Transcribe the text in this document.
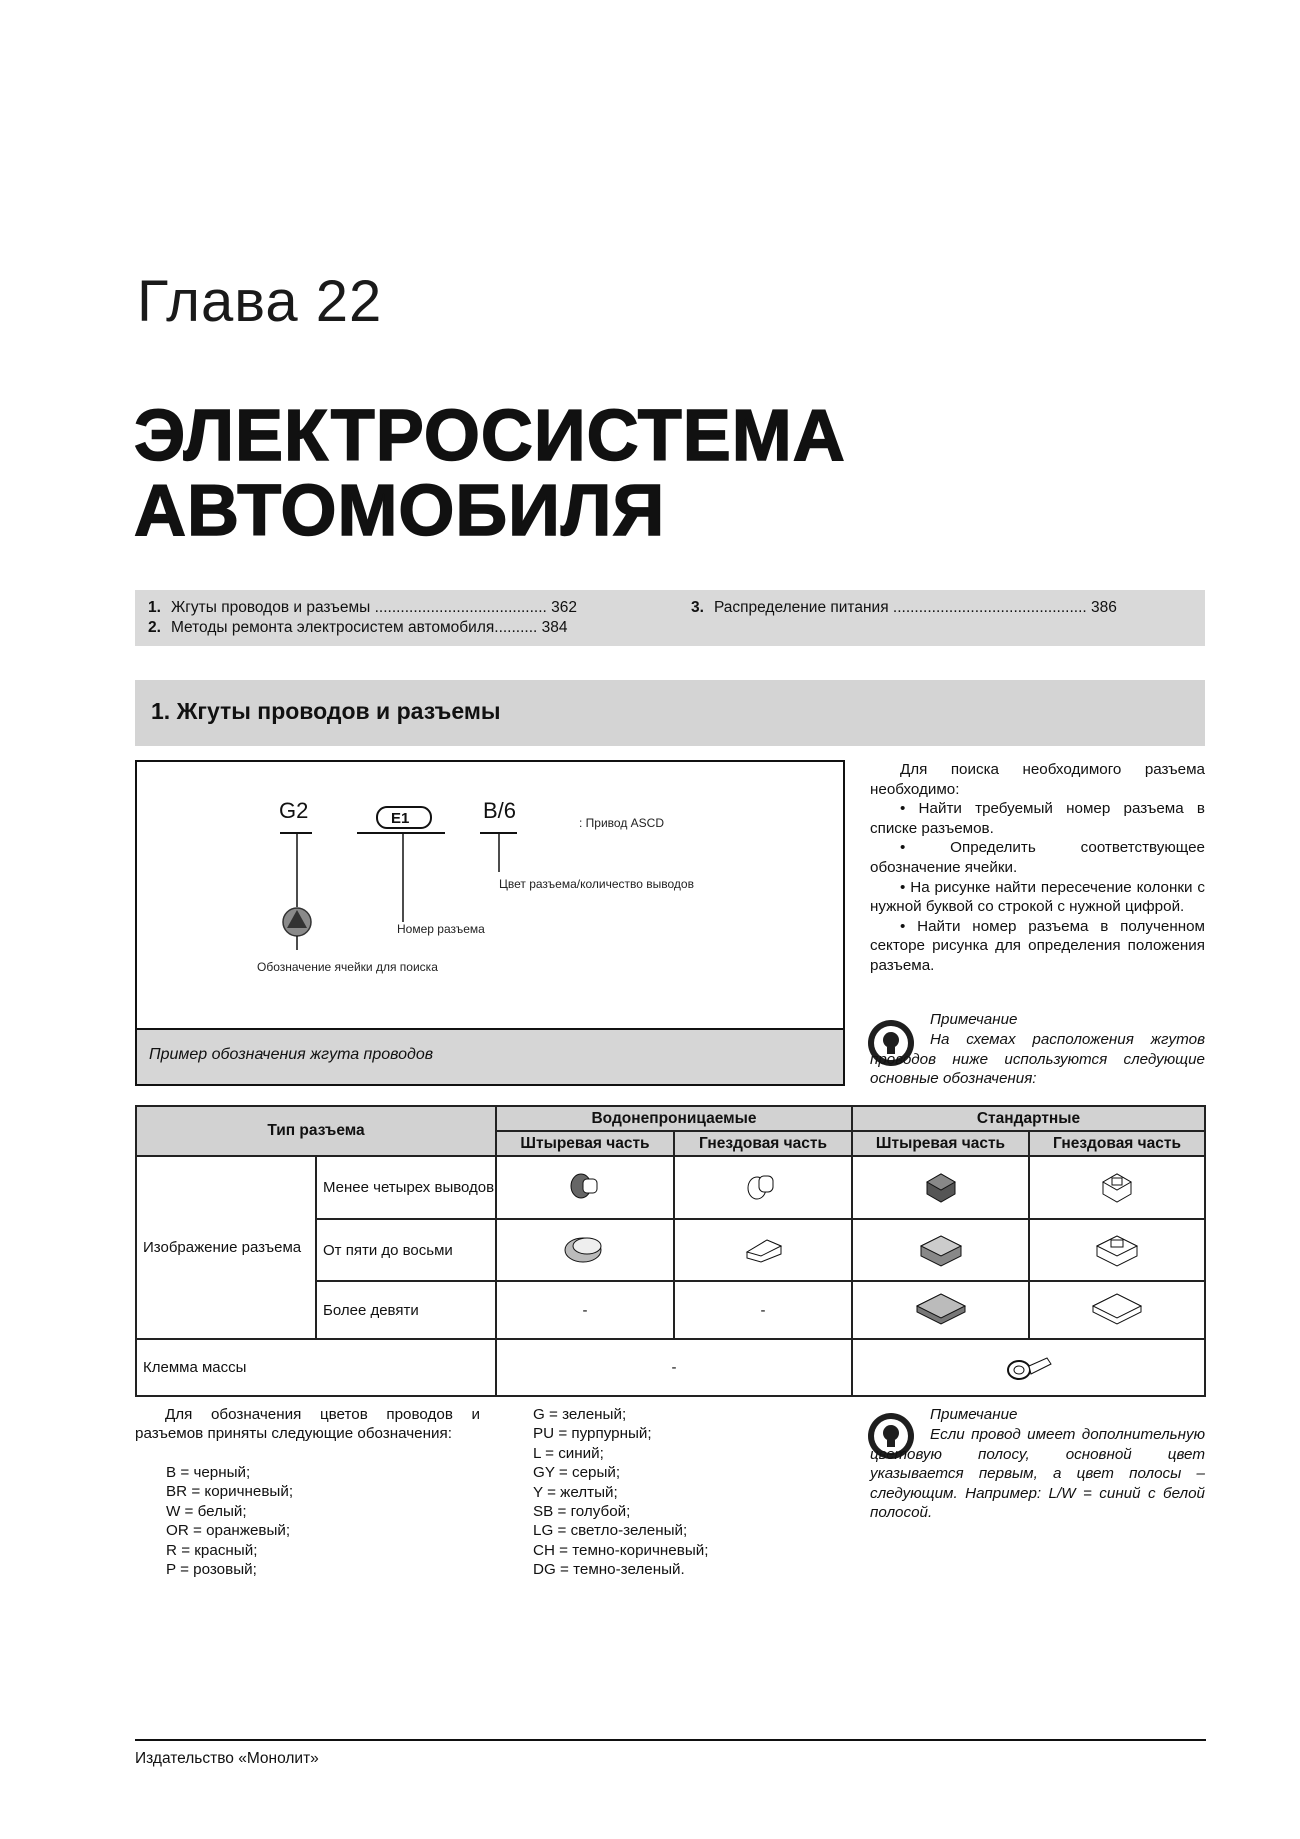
Глава 22
ЭЛЕКТРОСИСТЕМА
АВТОМОБИЛЯ
1. Жгуты проводов и разъемы ........................................ 362
2. Методы ремонта электросистем автомобиля.......... 384
3. Распределение питания ............................................. 386
1. Жгуты проводов и разъемы
G2	E1	B/6	: Привод ASCD
Цвет разъема/количество выводов
Номер разъема
Обозначение ячейки для поиска
Пример обозначения жгута проводов

Для поиска необходимого разъема необходимо:

• Найти требуемый номер разъема в списке разъемов.

• Определить соответствующее обозначение ячейки.

• На рисунке найти пересечение колонки с нужной буквой со строкой с нужной цифрой.

• Найти номер разъема в полученном секторе рисунка для определения положения разъема.

Примечание
На схемах расположения жгутов проводов ниже используются следующие основные обозначения:
Тип разъема		Водонепроницаемые		Стандартные	
		Штыревая часть	Гнездовая часть	Штыревая часть	Гнездовая часть
Изображение разъема	Менее четырех выводов				
	От пяти до восьми				
	Более девяти	-	-		
Клемма массы		-	
Для обозначения цветов проводов и разъемов приняты следующие обозначения:
B = черный;
BR = коричневый;
W = белый;
OR = оранжевый;
R = красный;
P = розовый;
G = зеленый;
PU = пурпурный;
L = синий;
GY = серый;
Y = желтый;
SB = голубой;
LG = светло-зеленый;
CH = темно-коричневый;
DG = темно-зеленый.
Примечание
Если провод имеет дополнительную цветовую полосу, основной цвет указывается первым, а цвет полосы – следующим. Например: L/W = синий с белой полосой.
Издательство «Монолит»
